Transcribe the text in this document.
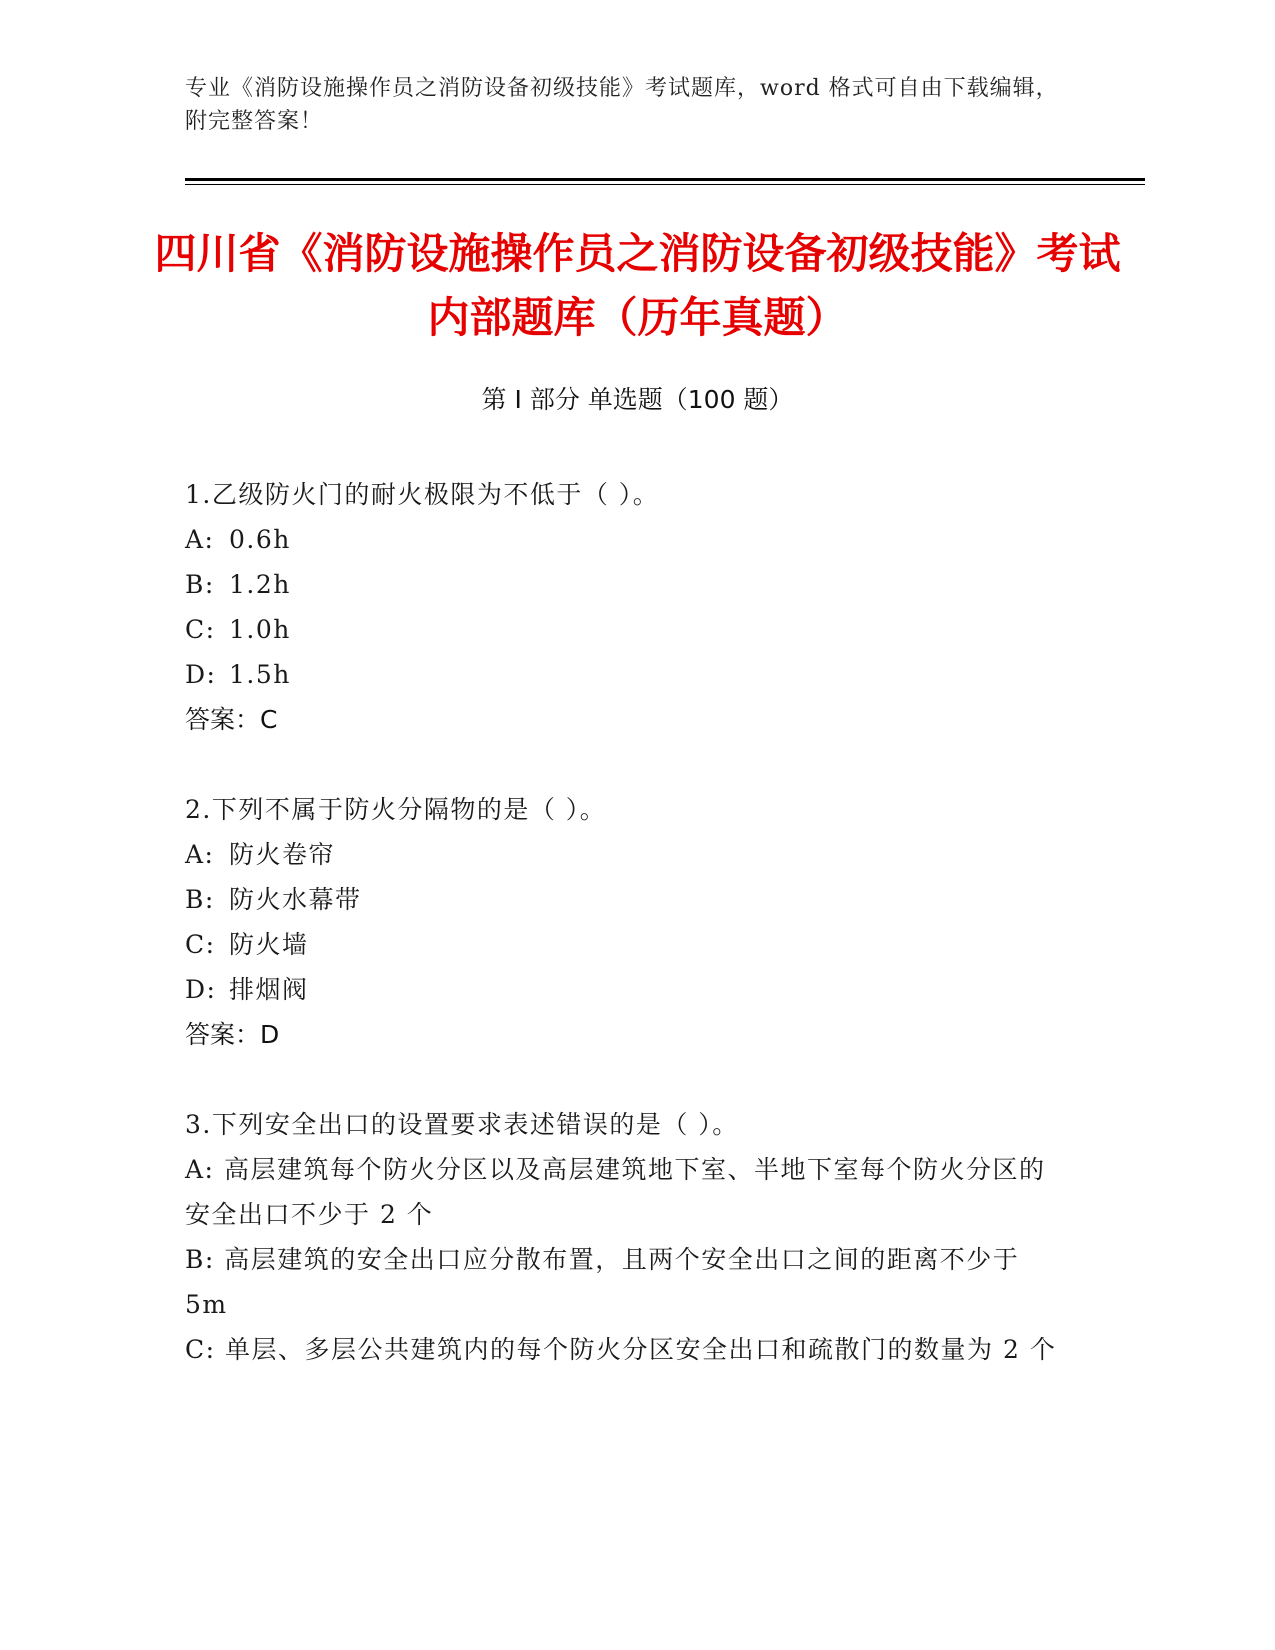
专业《消防设施操作员之消防设备初级技能》考试题库，word 格式可自由下载编辑，附完整答案！
四川省《消防设施操作员之消防设备初级技能》考试内部题库（历年真题）
第 I 部分 单选题（100 题）
1.乙级防火门的耐火极限为不低于（ ）。
A: 0.6h
B: 1.2h
C: 1.0h
D: 1.5h
答案：C
2.下列不属于防火分隔物的是（ ）。
A: 防火卷帘
B: 防火水幕带
C: 防火墙
D: 排烟阀
答案：D
3.下列安全出口的设置要求表述错误的是（ ）。
A: 高层建筑每个防火分区以及高层建筑地下室、半地下室每个防火分区的安全出口不少于 2 个
B: 高层建筑的安全出口应分散布置，且两个安全出口之间的距离不少于 5m
C: 单层、多层公共建筑内的每个防火分区安全出口和疏散门的数量为 2 个
